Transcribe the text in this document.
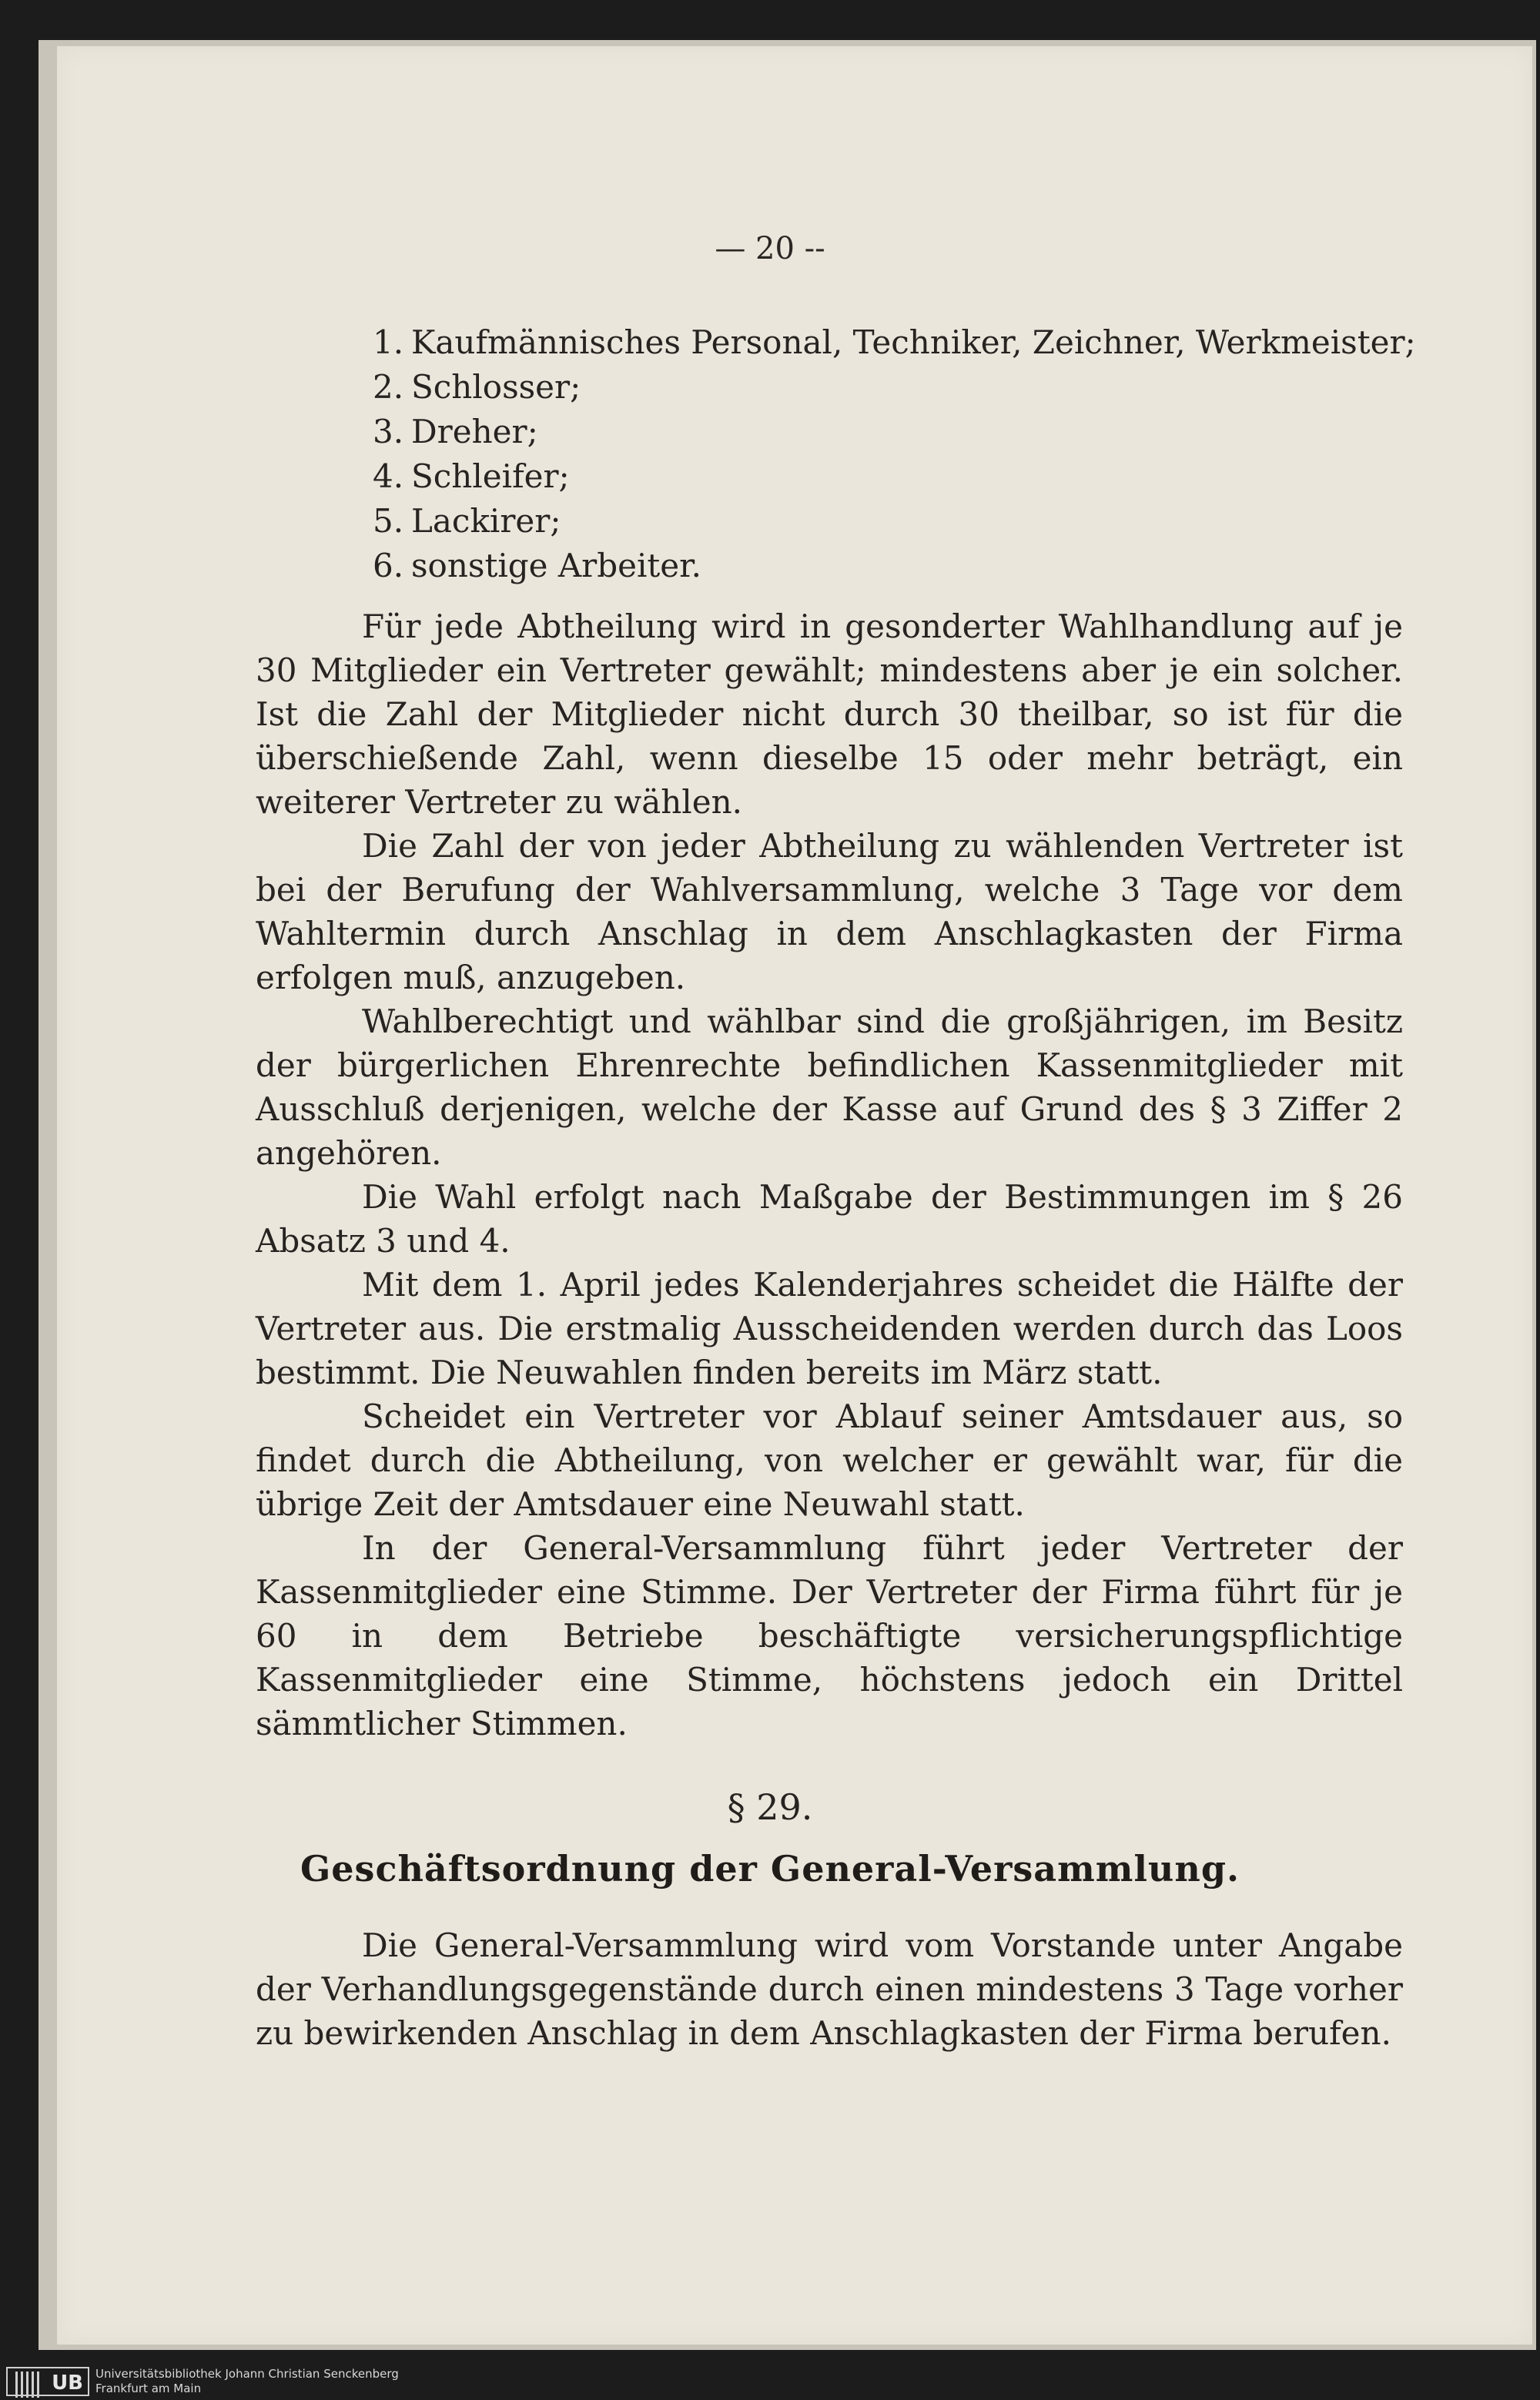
— 20 --
1. Kaufmännisches Personal, Techniker, Zeichner, Werkmeister;
2. Schlosser;
3. Dreher;
4. Schleifer;
5. Lackirer;
6. sonstige Arbeiter.

Für jede Abtheilung wird in gesonderter Wahlhandlung auf je 30 Mitglieder ein Vertreter gewählt; mindestens aber je ein solcher. Ist die Zahl der Mitglieder nicht durch 30 theilbar, so ist für die überschießende Zahl, wenn dieselbe 15 oder mehr beträgt, ein weiterer Vertreter zu wählen.

Die Zahl der von jeder Abtheilung zu wählenden Vertreter ist bei der Berufung der Wahlversammlung, welche 3 Tage vor dem Wahltermin durch Anschlag in dem Anschlagkasten der Firma erfolgen muß, anzugeben.

Wahlberechtigt und wählbar sind die großjährigen, im Besitz der bürgerlichen Ehrenrechte befindlichen Kassenmitglieder mit Ausschluß derjenigen, welche der Kasse auf Grund des § 3 Ziffer 2 angehören.

Die Wahl erfolgt nach Maßgabe der Bestimmungen im § 26 Absatz 3 und 4.

Mit dem 1. April jedes Kalenderjahres scheidet die Hälfte der Vertreter aus. Die erstmalig Ausscheidenden werden durch das Loos bestimmt. Die Neuwahlen finden bereits im März statt.

Scheidet ein Vertreter vor Ablauf seiner Amtsdauer aus, so findet durch die Abtheilung, von welcher er gewählt war, für die übrige Zeit der Amtsdauer eine Neuwahl statt.

In der General-Versammlung führt jeder Vertreter der Kassenmitglieder eine Stimme. Der Vertreter der Firma führt für je 60 in dem Betriebe beschäftigte versicherungspflichtige Kassenmitglieder eine Stimme, höchstens jedoch ein Drittel sämmtlicher Stimmen.

§ 29.
Geschäftsordnung der General-Versammlung.

Die General-Versammlung wird vom Vorstande unter Angabe der Verhandlungsgegenstände durch einen mindestens 3 Tage vorher zu bewirkenden Anschlag in dem Anschlagkasten der Firma berufen.

UB	Universitätsbibliothek Johann Christian Senckenberg
Frankfurt am Main
